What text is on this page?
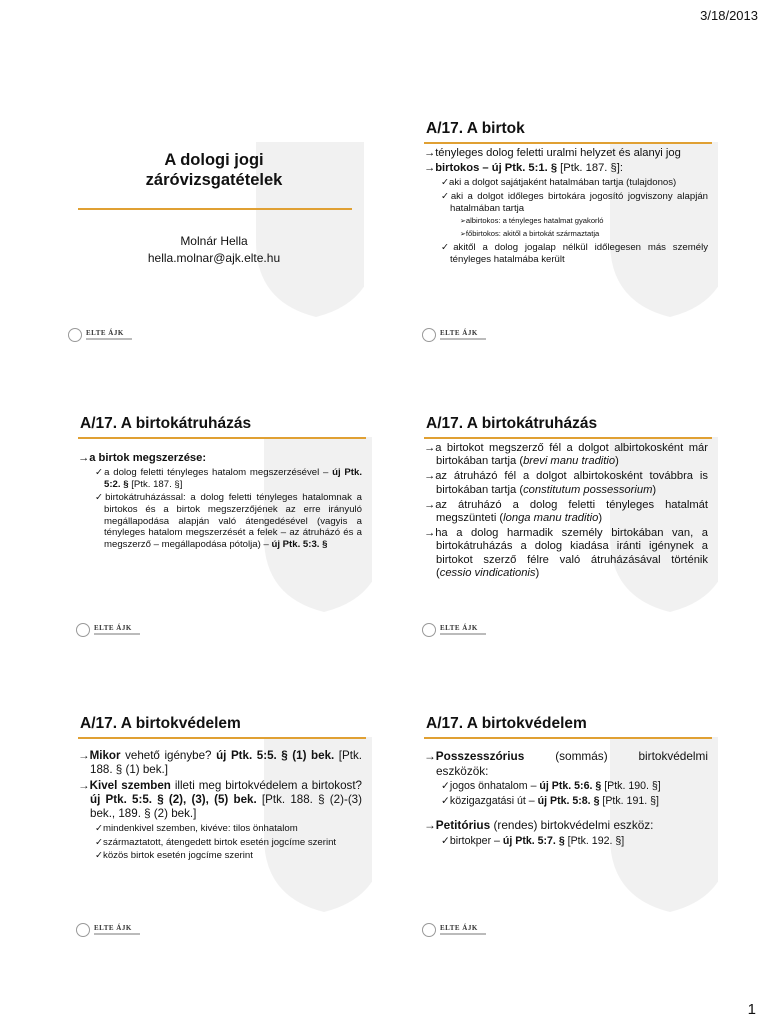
3/18/2013
A dologi jogi
záróvizsgatételek
Molnár Hella
hella.molnar@ajk.elte.hu
ELTE ÁJK
A/17. A birtok

→ tényleges dolog feletti uralmi helyzet és alanyi jog

→ birtokos – új Ptk. 5:1. § [Ptk. 187. §]:

✓ aki a dolgot sajátjaként hatalmában tartja (tulajdonos)

✓ aki a dolgot időleges birtokára jogosító jogviszony alapján hatalmában tartja

➢ albirtokos: a tényleges hatalmat gyakorló

➢ főbirtokos: akitől a birtokát származtatja

✓ akitől a dolog jogalap nélkül időlegesen más személy tényleges hatalmába került

ELTE ÁJK
A/17. A birtokátruházás

→ a birtok megszerzése:

✓ a dolog feletti tényleges hatalom megszerzésével – új Ptk. 5:2. § [Ptk. 187. §]

✓ birtokátruházással: a dolog feletti tényleges hatalomnak a birtokos és a birtok megszerzőjének az erre irányuló megállapodása alapján való átengedésével (vagyis a tényleges hatalom megszerzését a felek – az átruházó és a megszerző – megállapodása pótolja) – új Ptk. 5:3. §

ELTE ÁJK
A/17. A birtokátruházás

→ a birtokot megszerző fél a dolgot albirtokosként már birtokában tartja (brevi manu traditio)

→ az átruházó fél a dolgot albirtokosként továbbra is birtokában tartja (constitutum possessorium)

→ az átruházó a dolog feletti tényleges hatalmát megszünteti (longa manu traditio)

→ ha a dolog harmadik személy birtokában van, a birtokátruházás a dolog kiadása iránti igénynek a birtokot szerző félre való átruházásával történik (cessio vindicationis)

ELTE ÁJK
A/17. A birtokvédelem

→ Mikor vehető igénybe? új Ptk. 5:5. § (1) bek. [Ptk. 188. § (1) bek.]

→ Kivel szemben illeti meg birtokvédelem a birtokost? új Ptk. 5:5. § (2), (3), (5) bek. [Ptk. 188. § (2)-(3) bek., 189. § (2) bek.]

✓ mindenkivel szemben, kivéve: tilos önhatalom

✓ származtatott, átengedett birtok esetén jogcíme szerint

✓ közös birtok esetén jogcíme szerint

ELTE ÁJK
A/17. A birtokvédelem

→ Posszesszórius (sommás) birtokvédelmi eszközök:

✓ jogos önhatalom – új Ptk. 5:6. § [Ptk. 190. §]

✓ közigazgatási út – új Ptk. 5:8. § [Ptk. 191. §]

→ Petitórius (rendes) birtokvédelmi eszköz:

✓ birtokper – új Ptk. 5:7. § [Ptk. 192. §]

ELTE ÁJK
1
